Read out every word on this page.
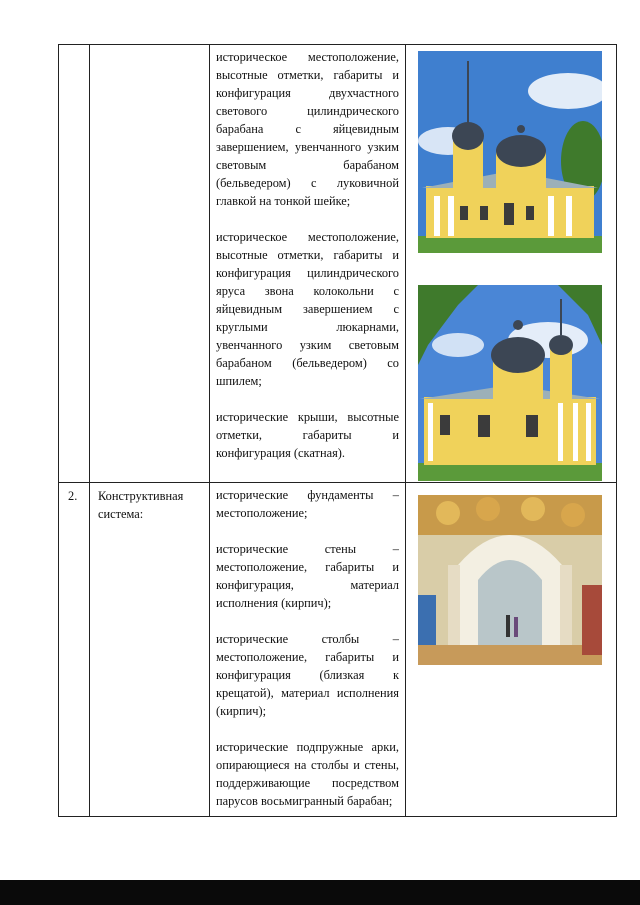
		историческое местоположение, высотные отметки, габариты и конфигурация двухчастного светового цилиндрического барабана с яйцевидным завершением, увенчанного узким световым барабаном (бельведером) с луковичной главкой на тонкой шейке;

историческое местоположение, высотные отметки, габариты и конфигурация цилиндрического яруса звона колокольни с яйцевидным завершением с круглыми люкарнами, увенчанного узким световым барабаном (бельведером) со шпилем;

исторические крыши, высотные отметки, габариты и конфигурация (скатная).

2.	Конструктивная система:	исторические фундаменты – местоположение;

исторические стены – местоположение, габариты и конфигурация, материал исполнения (кирпич);

исторические столбы – местоположение, габариты и конфигурация (близкая к крещатой), материал исполнения (кирпич);

исторические подпружные арки, опирающиеся на столбы и стены, поддерживающие посредством парусов восьмигранный барабан;
